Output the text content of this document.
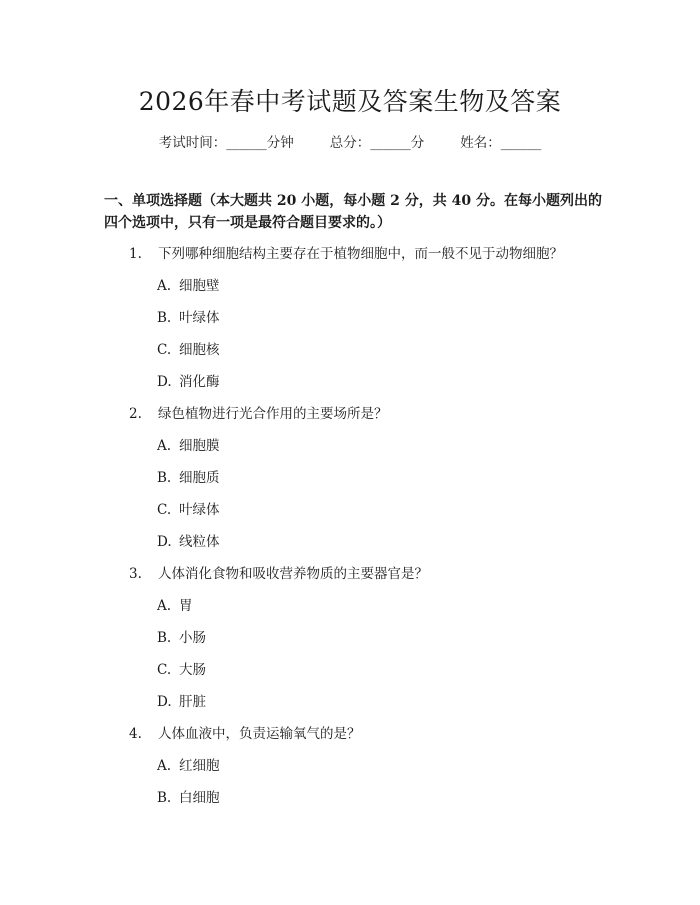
2026年春中考试题及答案生物及答案
考试时间：______分钟	总分：______分	姓名：______

一、单项选择题（本大题共 20 小题，每小题 2 分，共 40 分。在每小题列出的四个选项中，只有一项是最符合题目要求的。）

1. 下列哪种细胞结构主要存在于植物细胞中，而一般不见于动物细胞？
A. 细胞壁
B. 叶绿体
C. 细胞核
D. 消化酶
2. 绿色植物进行光合作用的主要场所是？
A. 细胞膜
B. 细胞质
C. 叶绿体
D. 线粒体
3. 人体消化食物和吸收营养物质的主要器官是？
A. 胃
B. 小肠
C. 大肠
D. 肝脏
4. 人体血液中，负责运输氧气的是？
A. 红细胞
B. 白细胞
